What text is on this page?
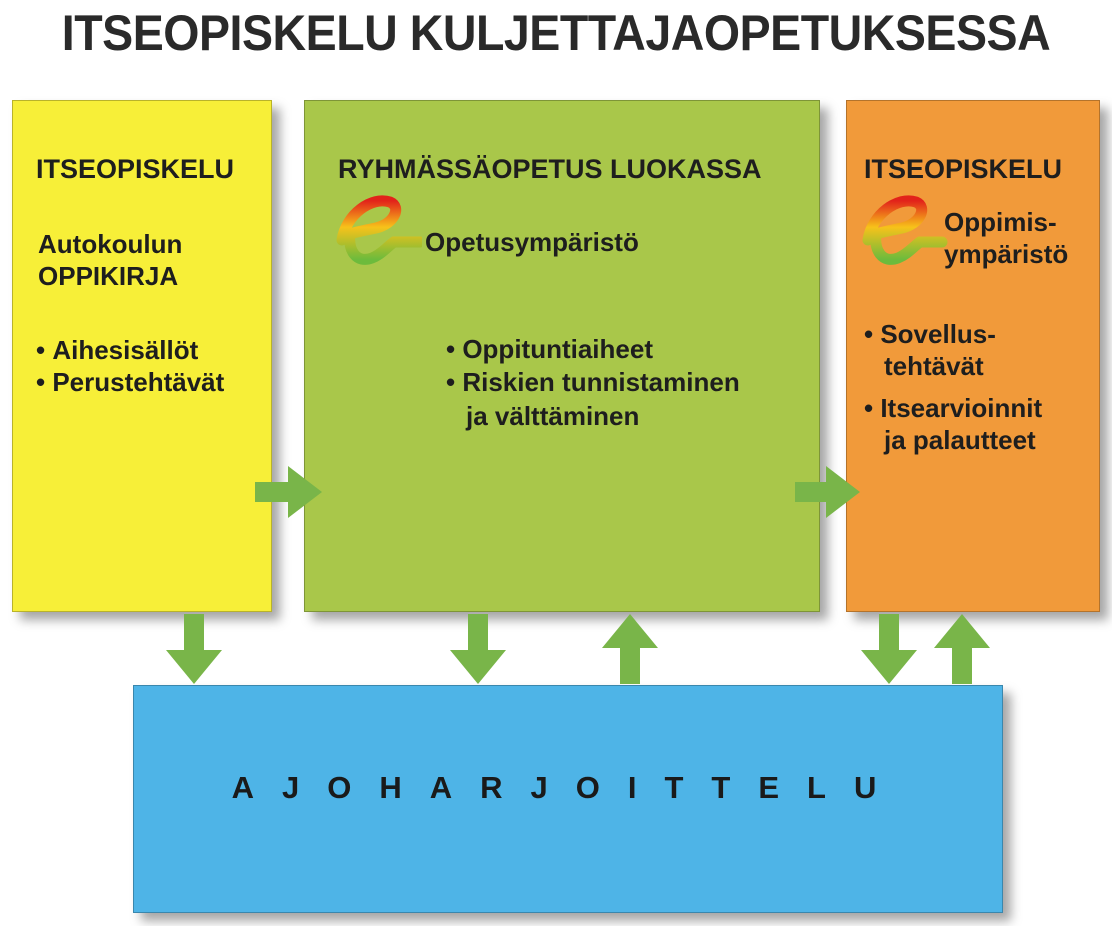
ITSEOPISKELU KULJETTAJAOPETUKSESSA
ITSEOPISKELU
Autokoulun
OPPIKIRJA
• Aihesisällöt
• Perustehtävät
RYHMÄSSÄOPETUS LUOKASSA
Opetusympäristö
• Oppituntiaiheet
• Riskien tunnistaminen
ja välttäminen
ITSEOPISKELU
Oppimis-
ympäristö
• Sovellus-
tehtävät
• Itsearvioinnit
ja palautteet
AJOHARJOITTELU
